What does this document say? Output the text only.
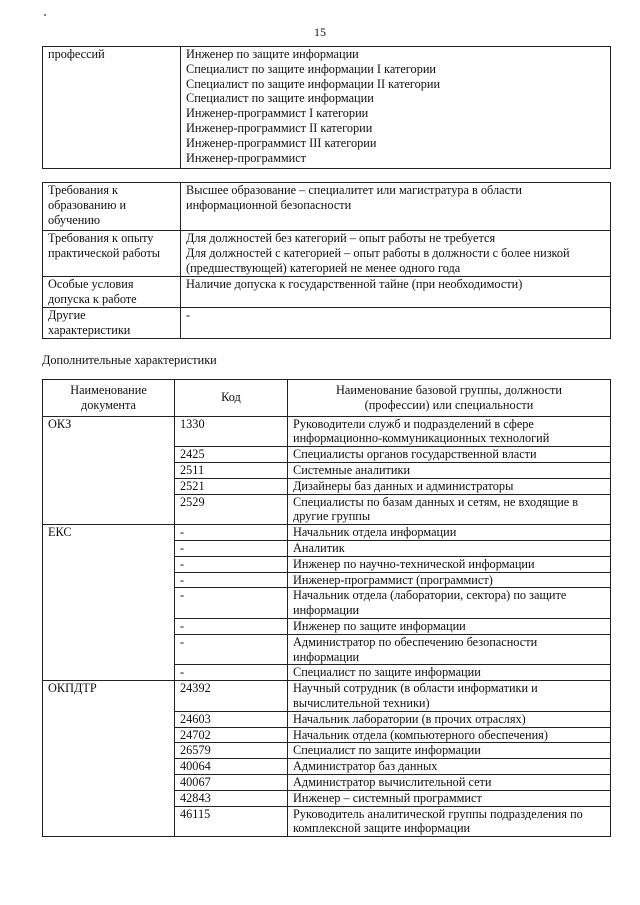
15
профессий	Инженер по защите информации
Специалист по защите информации I категории
Специалист по защите информации II категории
Специалист по защите информации
Инженер-программист I категории
Инженер-программист II категории
Инженер-программист III категории
Инженер-программист
Требования к
образованию и
обучению	Высшее образование – специалитет или магистратура в области
информационной безопасности

Требования к опыту
практической работы	Для должностей без категорий – опыт работы не требуется
Для должностей с категорией – опыт работы в должности с более низкой
(предшествующей) категорией не менее одного года

Особые условия
допуска к работе	Наличие допуска к государственной тайне (при необходимости)

Другие
характеристики	-
Дополнительные характеристики
Наименование
документа	Код	Наименование базовой группы, должности
(профессии) или специальности

ОКЗ	1330	Руководители служб и подразделений в сфере
информационно-коммуникационных технологий

	2425	Специалисты органов государственной власти

	2511	Системные аналитики

	2521	Дизайнеры баз данных и администраторы

	2529	Специалисты по базам данных и сетям, не входящие в
другие группы

ЕКС	-	Начальник отдела информации

	-	Аналитик

	-	Инженер по научно-технической информации

	-	Инженер-программист (программист)

	-	Начальник отдела (лаборатории, сектора) по защите
информации

	-	Инженер по защите информации

	-	Администратор по обеспечению безопасности
информации

	-	Специалист по защите информации

ОКПДТР	24392	Научный сотрудник (в области информатики и
вычислительной техники)

	24603	Начальник лаборатории (в прочих отраслях)

	24702	Начальник отдела (компьютерного обеспечения)

	26579	Специалист по защите информации

	40064	Администратор баз данных

	40067	Администратор вычислительной сети

	42843	Инженер – системный программист

	46115	Руководитель аналитической группы подразделения по
комплексной защите информации
